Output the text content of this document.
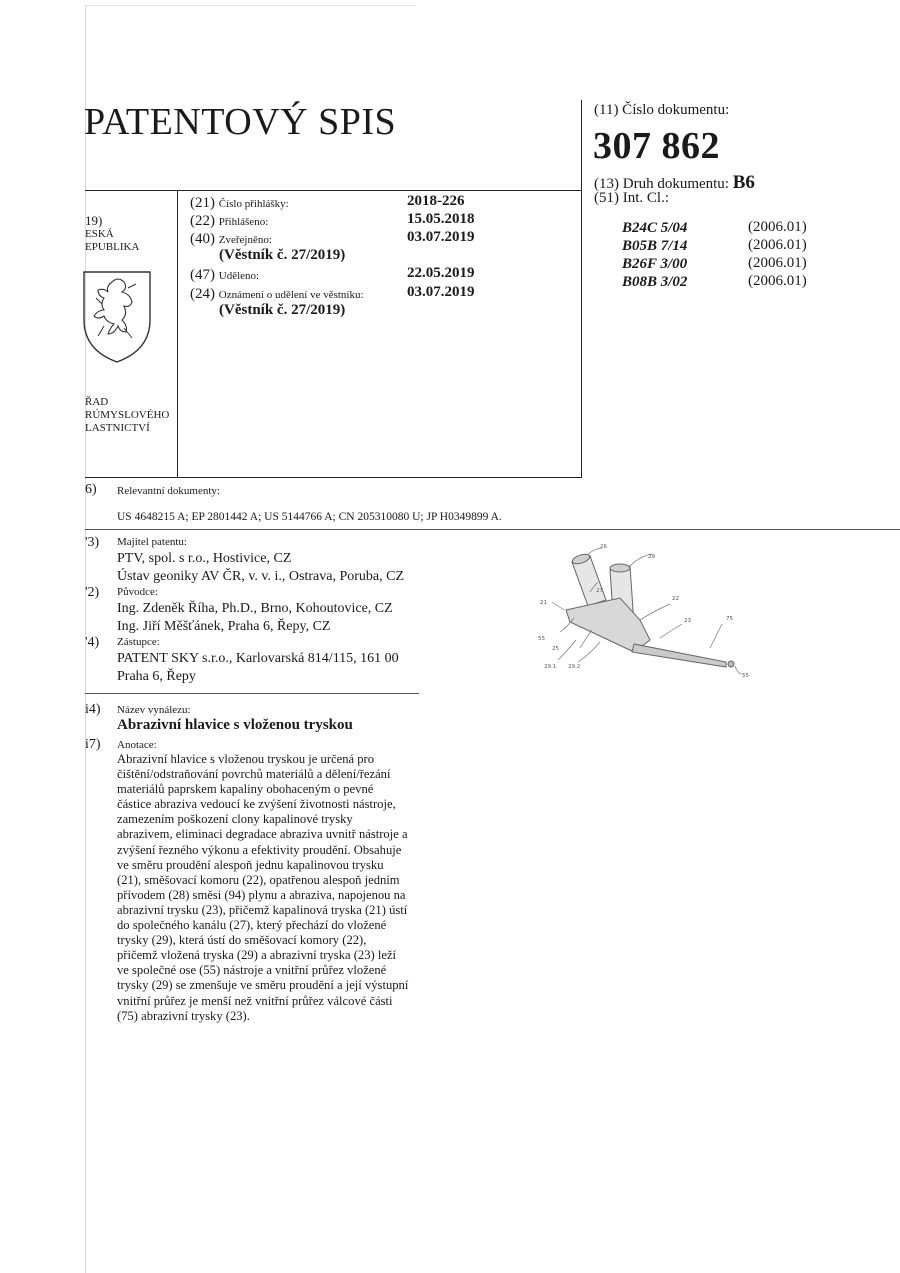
PATENTOVÝ SPIS	(11) Číslo dokumentu:
307 862
(13) Druh dokumentu: B6
(51) Int. Cl.:
B24C 5/04	(2006.01)
B05B 7/14	(2006.01)
B26F 3/00	(2006.01)
B08B 3/02	(2006.01)
19)
ESKÁ
EPUBLIKA
ŘAD
RÚMYSLOVÉHO
LASTNICTVÍ
(21) Číslo přihlášky:	2018-226
(22) Přihlášeno:	15.05.2018
(40) Zveřejněno:	03.07.2019
(Věstník č. 27/2019)
(47) Uděleno:	22.05.2019
(24) Oznámení o udělení ve věstníku:	03.07.2019
(Věstník č. 27/2019)
6) Relevantní dokumenty:
US 4648215 A; EP 2801442 A; US 5144766 A; CN 205310080 U; JP H0349899 A.
'3) Majitel patentu:
PTV, spol. s r.o., Hostivice, CZ
Ústav geoniky AV ČR, v. v. i., Ostrava, Poruba, CZ
'2) Původce:
Ing. Zdeněk Říha, Ph.D., Brno, Kohoutovice, CZ
Ing. Jiří Měšťánek, Praha 6, Řepy, CZ
'4) Zástupce:
PATENT SKY s.r.o., Karlovarská 814/115, 161 00
Praha 6, Řepy
i4) Název vynálezu:
Abrazivní hlavice s vloženou tryskou
i7) Anotace:
Abrazivní hlavice s vloženou tryskou je určená pro
čištění/odstraňování povrchů materiálů a dělení/řezání
materiálů paprskem kapaliny obohaceným o pevné
částice abraziva vedoucí ke zvýšení životnosti nástroje,
zamezením poškození clony kapalinové trysky
abrazivem, eliminaci degradace abraziva uvnitř nástroje a
zvýšení řezného výkonu a efektivity proudění. Obsahuje
ve směru proudění alespoň jednu kapalinovou trysku
(21), směšovací komoru (22), opatřenou alespoň jedním
přívodem (28) směsi (94) plynu a abraziva, napojenou na
abrazivní trysku (23), přičemž kapalinová tryska (21) ústí
do společného kanálu (27), který přechází do vložené
trysky (29), která ústí do směšovací komory (22),
přičemž vložená tryska (29) a abrazivní tryska (23) leží
ve společné ose (55) nástroje a vnitřní průřez vložené
trysky (29) se zmenšuje ve směru proudění a její výstupní
vnitřní průřez je menší než vnitřní průřez válcové části
(75) abrazivní trysky (23).
26
29
21
27
22
23	75
55
25
29.1 29.2
55
